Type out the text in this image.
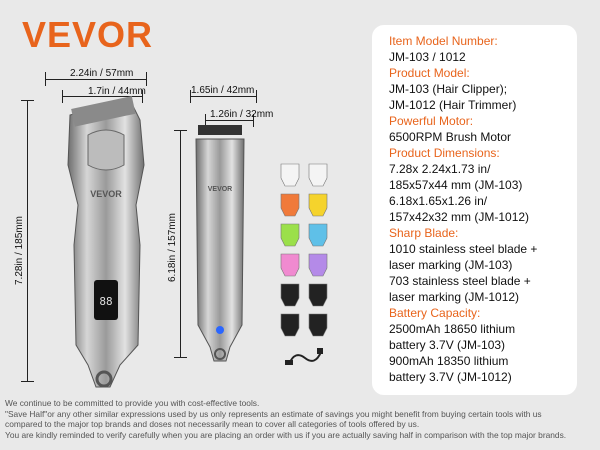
VEVOR
2.24in / 57mm
1.7in / 44mm
7.28in / 185mm
1.65in / 42mm
1.26in / 32mm
6.18in / 157mm
VEVOR
88
VEVOR
Item Model Number:
JM-103 / 1012
Product Model:
JM-103 (Hair Clipper);
JM-1012 (Hair Trimmer)
Powerful Motor:
6500RPM Brush Motor
Product Dimensions:
7.28x 2.24x1.73 in/
185x57x44 mm (JM-103)
6.18x1.65x1.26 in/
157x42x32 mm (JM-1012)
Sharp Blade:
1010 stainless steel blade +
laser marking (JM-103)
703 stainless steel blade +
laser marking (JM-1012)
Battery Capacity:
2500mAh 18650 lithium
battery 3.7V (JM-103)
900mAh 18350 lithium
battery 3.7V (JM-1012)
We continue to be committed to provide you with cost-effective tools.
"Save Half"or any other similar expressions used by us only represents an estimate of savings you might benefit from buying certain tools with us
compared to the major top brands and doses not necessarily mean to cover all categories of tools offered by us.
You are kindly reminded to verify carefully when you are placing an order with us if you are actually saving half in comparison with the top major brands.
